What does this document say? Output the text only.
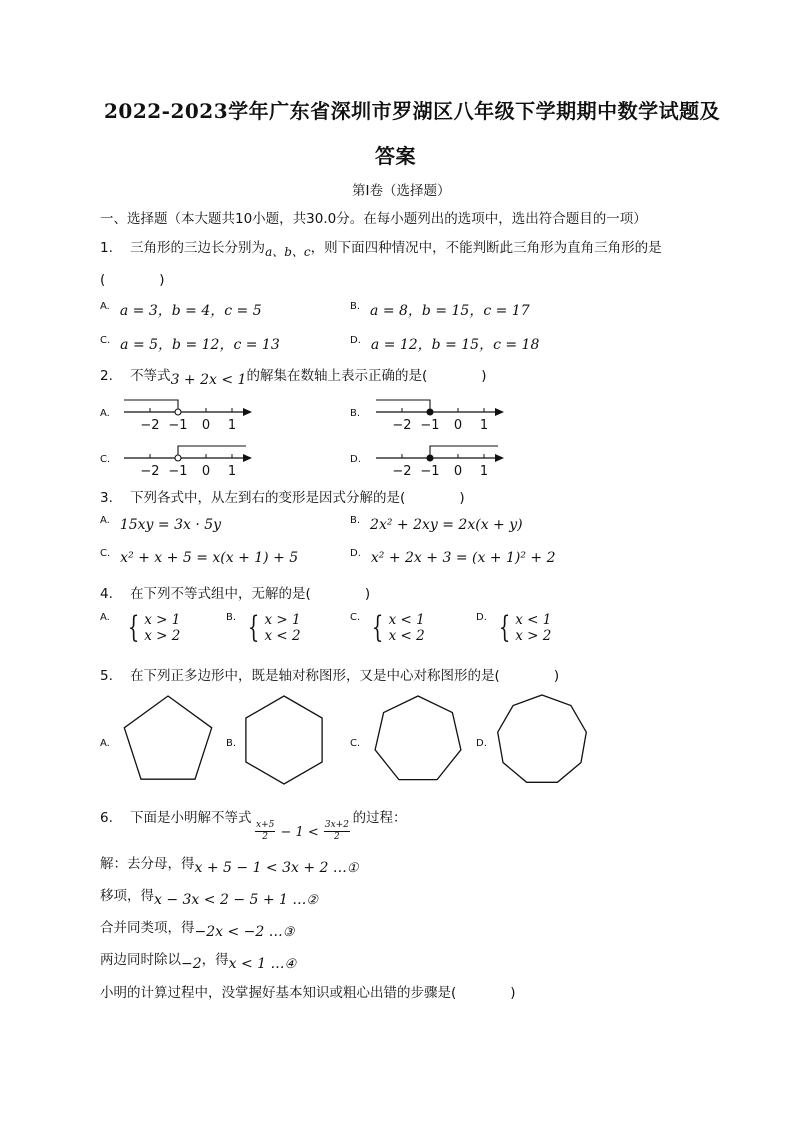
2022-2023学年广东省深圳市罗湖区八年级下学期期中数学试题及
答案
第I卷（选择题）
一、选择题（本大题共10小题，共30.0分。在每小题列出的选项中，选出符合题目的一项）
1. 三角形的三边长分别为a、b、c，则下面四种情况中，不能判断此三角形为直角三角形的是
(　　　　)
$^{A.}$ a = 3，b = 4，c = 5	$^{B.}$ a = 8，b = 15，c = 17
$^{C.}$ a = 5，b = 12，c = 13	$^{D.}$ a = 12，b = 15，c = 18
2. 不等式3 + 2x < 1的解集在数轴上表示正确的是(　　　　)
A.
−2 −1 0 1
B.
−2 −1 0 1
C.
−2 −1 0 1
D.
−2 −1 0 1
3. 下列各式中，从左到右的变形是因式分解的是(　　　　)
$^{A.}$ 15xy = 3x · 5y	$^{B.}$ 2x² + 2xy = 2x(x + y)
$^{C.}$ x² + x + 5 = x(x + 1) + 5	$^{D.}$ x² + 2x + 3 = (x + 1)² + 2
4. 在下列不等式组中，无解的是(　　　　)
$^{A.}$ { x > 1
x > 2
$^{B.}$ { x > 1
x < 2
$^{C.}$ { x < 1
x < 2
$^{D.}$ { x < 1
x > 2
5. 在下列正多边形中，既是轴对称图形，又是中心对称图形的是(　　　　)
A.	B.	C.	D.
6. 下面是小明解不等式	的过程：
$\frac{x+5}{2} - 1 < \frac{3x+2}{2}$
解：去分母，得x + 5 − 1 < 3x + 2 …①
移项，得x − 3x < 2 − 5 + 1 …②
合并同类项，得−2x < −2 …③
两边同时除以−2，得x < 1 …④
小明的计算过程中，没掌握好基本知识或粗心出错的步骤是(　　　　)
